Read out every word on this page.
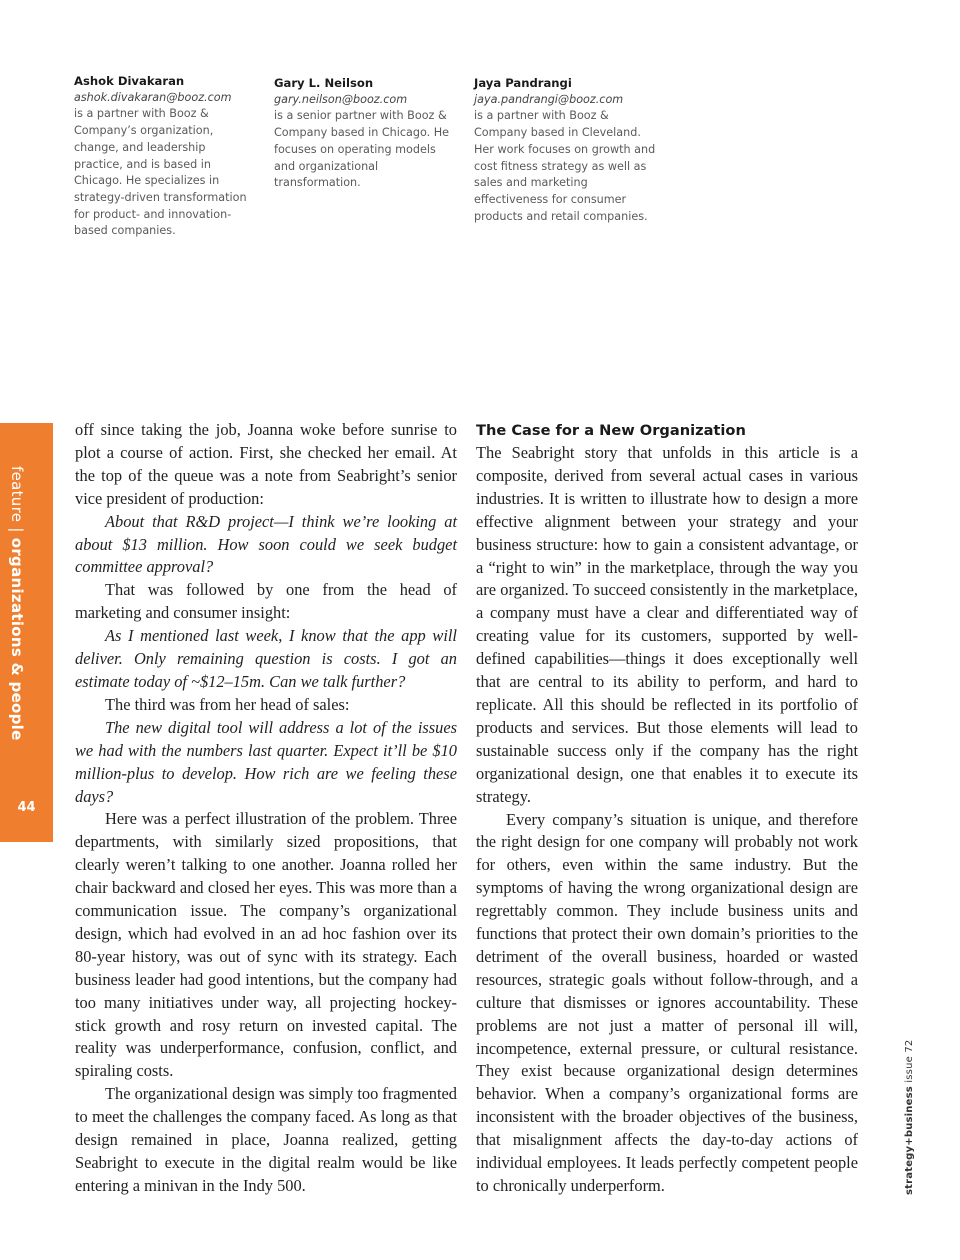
Ashok Divakaran
ashok.divakaran@booz.com
is a partner with Booz & Company’s organization, change, and leadership practice, and is based in Chicago. He specializes in strategy-driven transformation for product- and innovation-based companies.
Gary L. Neilson
gary.neilson@booz.com
is a senior partner with Booz & Company based in Chicago. He focuses on operating models and organizational transformation.
Jaya Pandrangi
jaya.pandrangi@booz.com
is a partner with Booz & Company based in Cleveland. Her work focuses on growth and cost fitness strategy as well as sales and marketing effectiveness for consumer products and retail companies.
feature | organizations & people
44

off since taking the job, Joanna woke before sunrise to plot a course of action. First, she checked her email. At the top of the queue was a note from Seabright’s senior vice president of production:

About that R&D project—I think we’re looking at about $13 million. How soon could we seek budget committee approval?

That was followed by one from the head of marketing and consumer insight:

As I mentioned last week, I know that the app will deliver. Only remaining question is costs. I got an estimate today of ~$12–15m. Can we talk further?

The third was from her head of sales:

The new digital tool will address a lot of the issues we had with the numbers last quarter. Expect it’ll be $10 million-plus to develop. How rich are we feeling these days?

Here was a perfect illustration of the problem. Three departments, with similarly sized propositions, that clearly weren’t talking to one another. Joanna rolled her chair backward and closed her eyes. This was more than a communication issue. The company’s organizational design, which had evolved in an ad hoc fashion over its 80-year history, was out of sync with its strategy. Each business leader had good intentions, but the company had too many initiatives under way, all projecting hockey-stick growth and rosy return on invested capital. The reality was underperformance, confusion, conflict, and spiraling costs.

The organizational design was simply too fragmented to meet the challenges the company faced. As long as that design remained in place, Joanna realized, getting Seabright to execute in the digital realm would be like entering a minivan in the Indy 500.

The Case for a New Organization

The Seabright story that unfolds in this article is a composite, derived from several actual cases in various industries. It is written to illustrate how to design a more effective alignment between your strategy and your business structure: how to gain a consistent advantage, or a “right to win” in the marketplace, through the way you are organized. To succeed consistently in the marketplace, a company must have a clear and differentiated way of creating value for its customers, supported by well-defined capabilities—things it does exceptionally well that are central to its ability to perform, and hard to replicate. All this should be reflected in its portfolio of products and services. But those elements will lead to sustainable success only if the company has the right organizational design, one that enables it to execute its strategy.

Every company’s situation is unique, and therefore the right design for one company will probably not work for others, even within the same industry. But the symptoms of having the wrong organizational design are regrettably common. They include business units and functions that protect their own domain’s priorities to the detriment of the overall business, hoarded or wasted resources, strategic goals without follow-through, and a culture that dismisses or ignores accountability. These problems are not just a matter of personal ill will, incompetence, external pressure, or cultural resistance. They exist because organizational design determines behavior. When a company’s organizational forms are inconsistent with the broader objectives of the business, that misalignment affects the day-to-day actions of individual employees. It leads perfectly competent people to chronically underperform.	strategy+business issue 72
